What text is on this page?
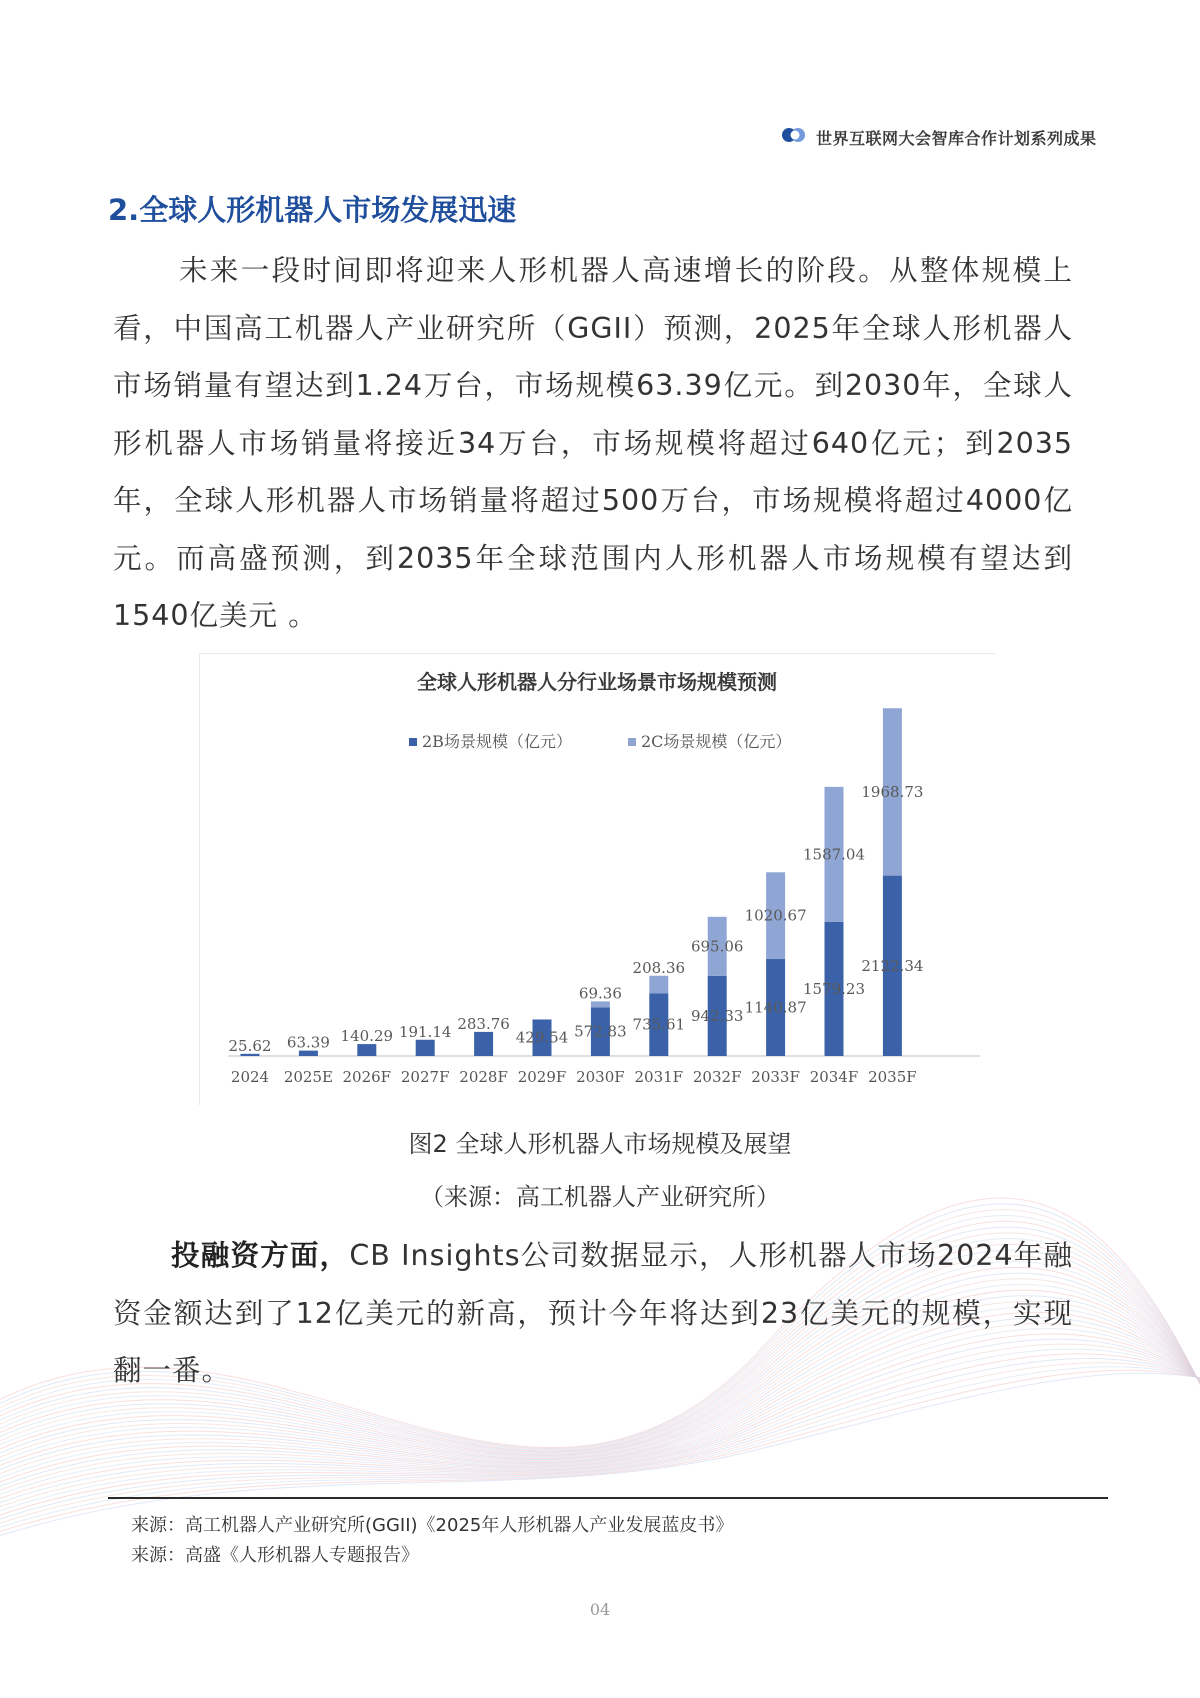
世界互联网大会智库合作计划系列成果
2.全球人形机器人市场发展迅速

未来一段时间即将迎来人形机器人高速增长的阶段。从整体规模上看，中国高工机器人产业研究所（GGII）预测，2025年全球人形机器人市场销量有望达到1.24万台，市场规模63.39亿元。到2030年，全球人形机器人市场销量将接近34万台，市场规模将超过640亿元；到2035年，全球人形机器人市场销量将超过500万台，市场规模将超过4000亿元。而高盛预测，到2035年全球范围内人形机器人市场规模有望达到1540亿美元 。

全球人形机器人分行业场景市场规模预测
2B场景规模（亿元）	2C场景规模（亿元）
25.62 63.39 140.29 191.14 283.76
429.54 572.83
69.36
735.61
208.36
942.33
695.06
1140.87
1020.67
1579.23
1587.04
2122.34
1968.73
2024 2025E 2026F 2027F 2028F 2029F 2030F 2031F 2032F 2033F 2034F 2035F
图2 全球人形机器人市场规模及展望
（来源：高工机器人产业研究所）

投融资方面，CB Insights公司数据显示，人形机器人市场2024年融资金额达到了12亿美元的新高，预计今年将达到23亿美元的规模，实现翻一番。

来源：高工机器人产业研究所(GGII)《2025年人形机器人产业发展蓝皮书》
来源：高盛《人形机器人专题报告》
04
